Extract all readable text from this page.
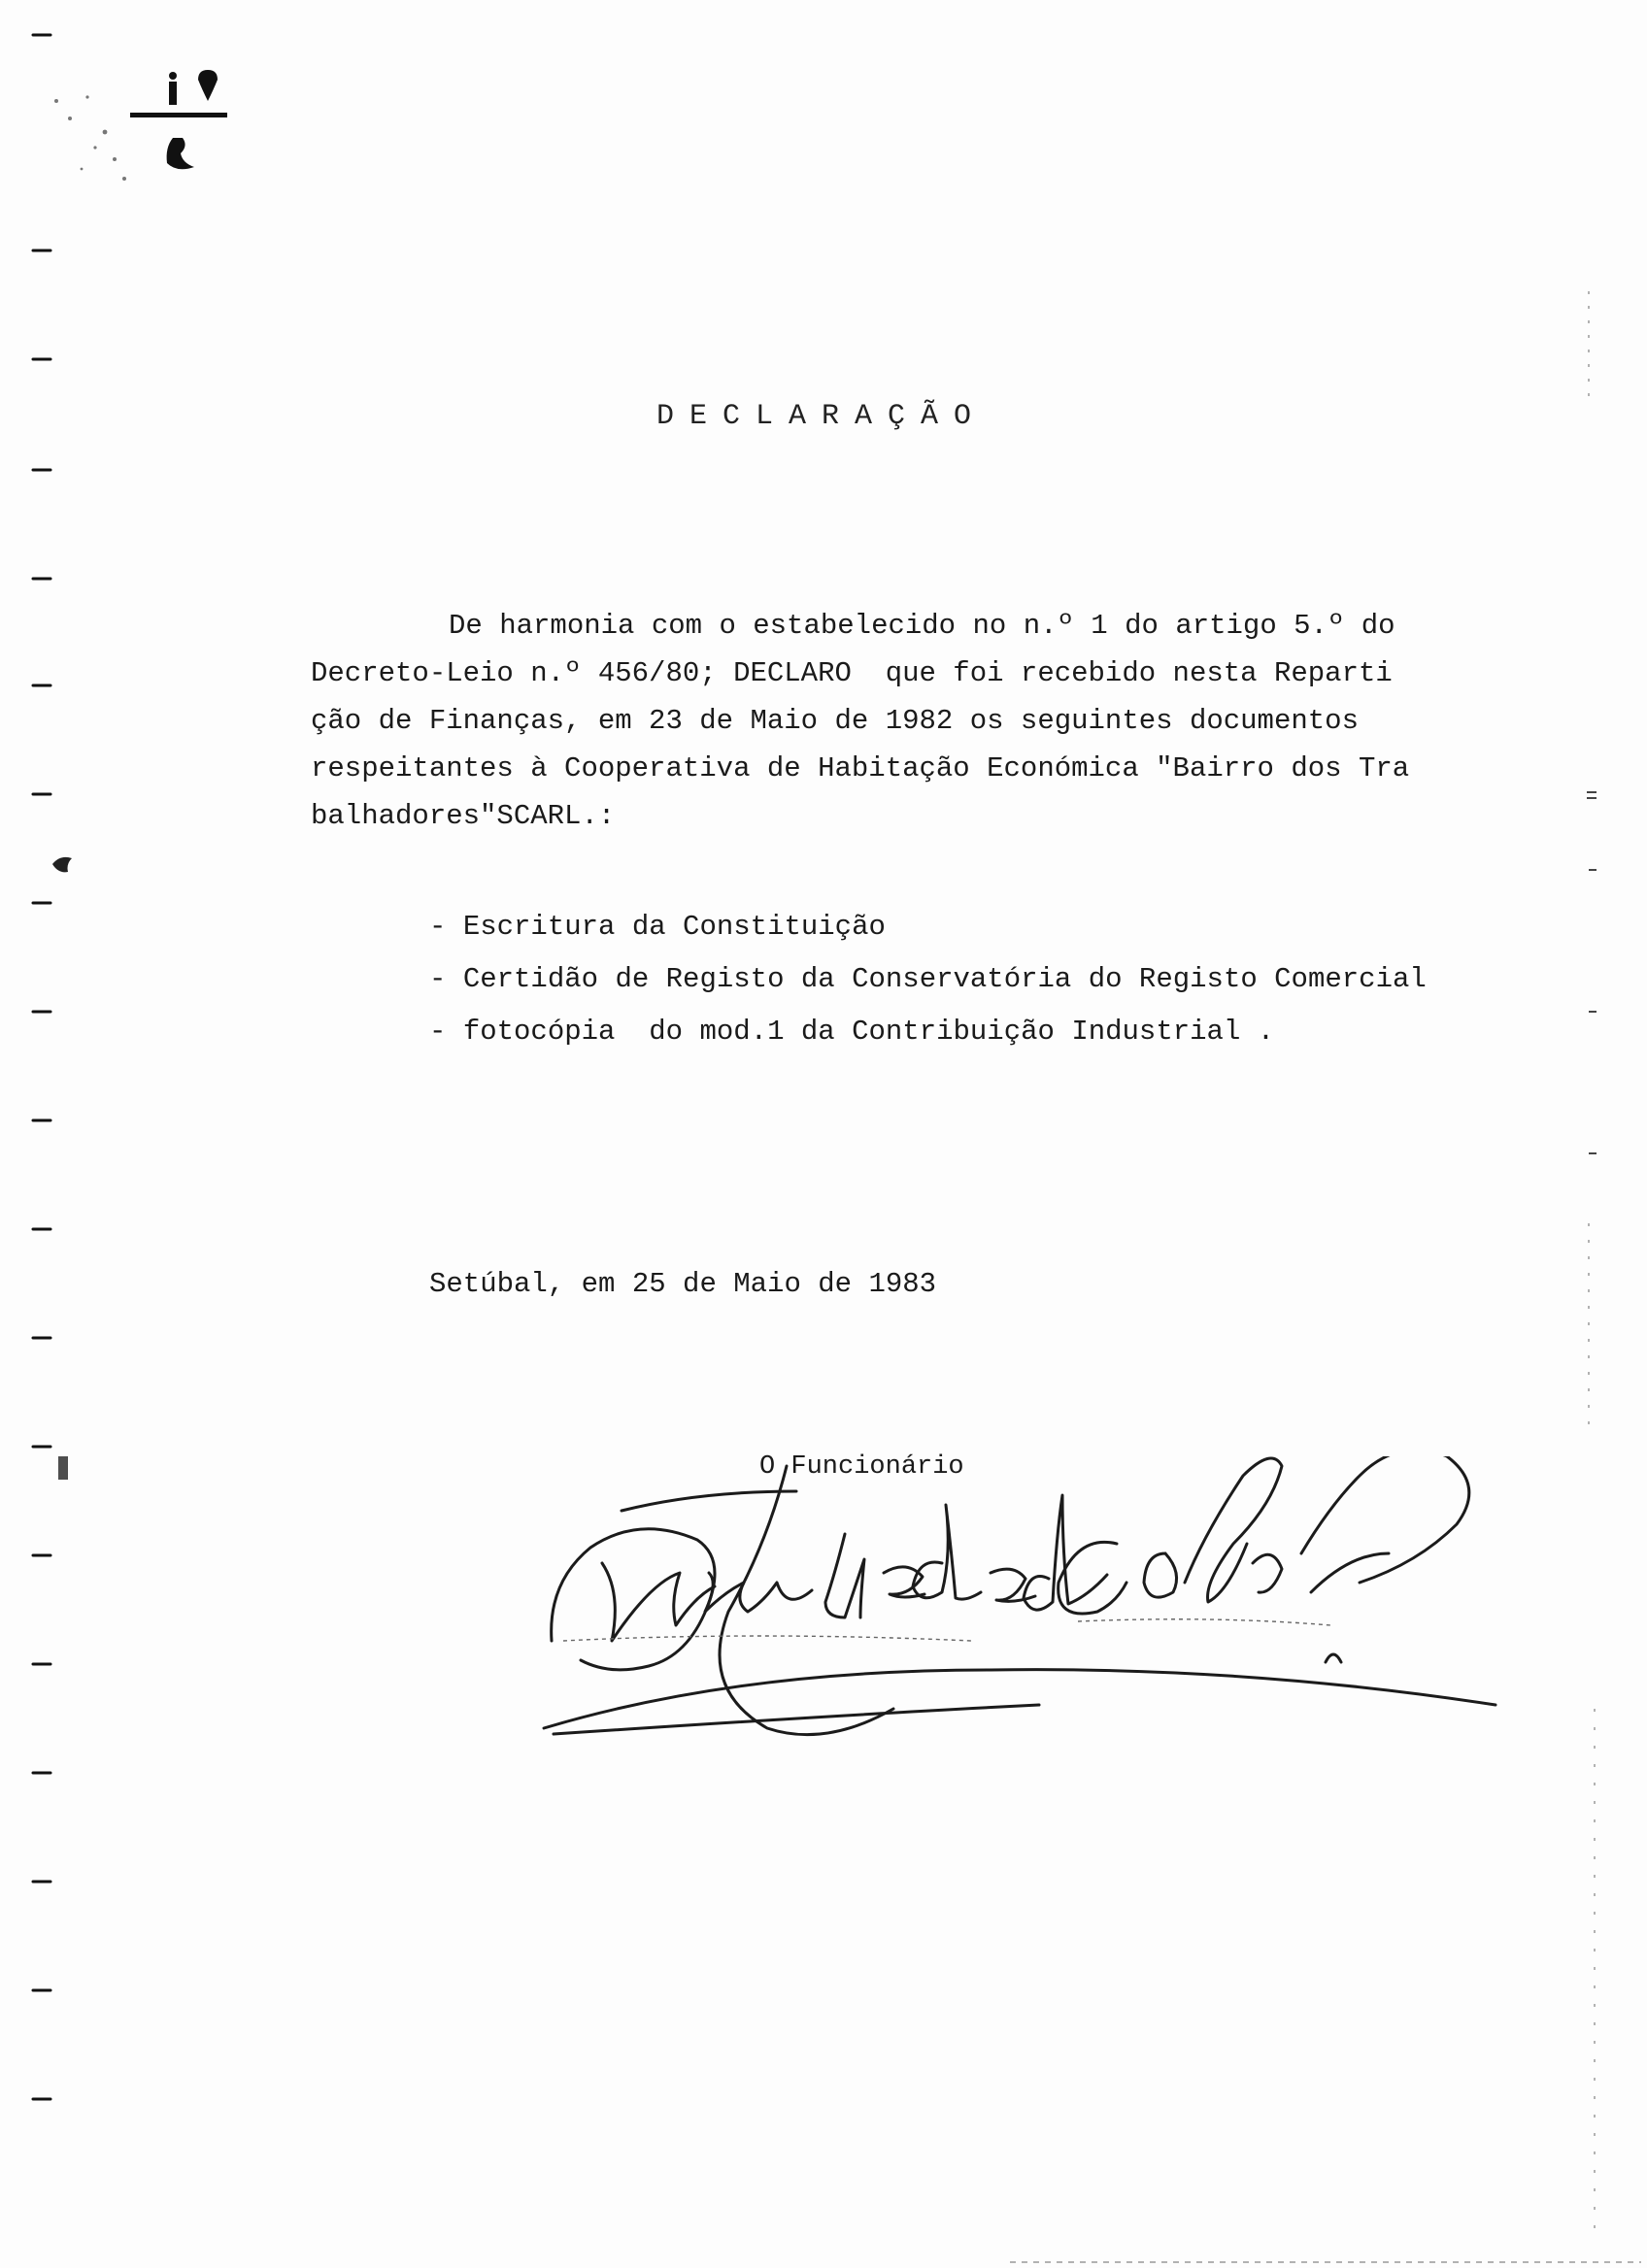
DECLARAÇÃO
De harmonia com o estabelecido no n.º 1 do artigo 5.º do
Decreto-Leio n.º 456/80; DECLARO  que foi recebido nesta Reparti
ção de Finanças, em 23 de Maio de 1982 os seguintes documentos
respeitantes à Cooperativa de Habitação Económica "Bairro dos Tra
balhadores"SCARL.:
- Escritura da Constituição
- Certidão de Registo da Conservatória do Registo Comercial
- fotocópia  do mod.1 da Contribuição Industrial .
Setúbal, em 25 de Maio de 1983
O Funcionário
